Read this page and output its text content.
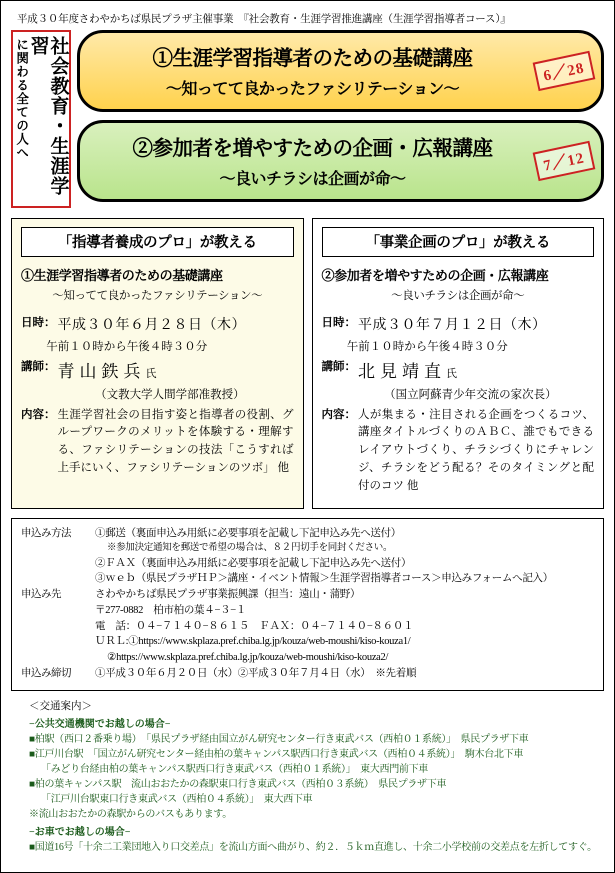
平成３０年度さわやかちば県民プラザ主催事業　『社会教育・生涯学習推進講座（生涯学習指導者コース）』
社会教育・生涯学習
に関わる全ての人へ	①生涯学習指導者のための基礎講座
〜知ってて良かったファシリテーション〜
6／28
②参加者を増やすための企画・広報講座
〜良いチラシは企画が命〜
7／12
「指導者養成のプロ」が教える
①生涯学習指導者のための基礎講座
〜知ってて良かったファシリテーション〜
日時： 平成３０年６月２８日（木）
午前１０時から午後４時３０分
講師： 青山鉄兵氏
（文教大学人間学部准教授）
内容： 生涯学習社会の目指す姿と指導者の役割、グループワークのメリットを体験する・理解する、ファシリテーションの技法「こうすれば上手にいく、ファシリテーションのツボ」 他
「事業企画のプロ」が教える
②参加者を増やすための企画・広報講座
〜良いチラシは企画が命〜
日時： 平成３０年７月１２日（木）
午前１０時から午後４時３０分
講師： 北見靖直氏
（国立阿蘇青少年交流の家次長）
内容： 人が集まる・注目される企画をつくるコツ、講座タイトルづくりのＡＢＣ、誰でもできるレイアウトづくり、チラシづくりにチャレンジ、チラシをどう配る？そのタイミングと配付のコツ 他
申込み方法	①郵送（裏面申込み用紙に必要事項を記載し下記申込み先へ送付）
※参加決定通知を郵送で希望の場合は、８２円切手を同封ください。
②ＦＡＸ（裏面申込み用紙に必要事項を記載し下記申込み先へ送付）
③ｗｅｂ（県民プラザＨＰ＞講座・イベント情報＞生涯学習指導者コース＞申込みフォームへ記入）
申込み先	さわやかちば県民プラザ事業振興課（担当：遠山・蒲野）
〒277-0882　柏市柏の葉４−３−１
電　話：０４−７１４０−８６１５　ＦＡＸ：０４−７１４０−８６０１
ＵＲＬ:①https://www.skplaza.pref.chiba.lg.jp/kouza/web-moushi/kiso-kouza1/
②https://www.skplaza.pref.chiba.lg.jp/kouza/web-moushi/kiso-kouza2/
申込み締切	①平成３０年６月２０日（水）②平成３０年７月４日（水）　※先着順
＜交通案内＞
−公共交通機関でお越しの場合−
■柏駅（西口２番乗り場）　「県民プラザ経由国立がん研究センター行き東武バス（西柏０１系統）」　県民プラザ下車
■江戸川台駅　「国立がん研究センター経由柏の葉キャンパス駅西口行き東武バス（西柏０４系統）」　駒木台北下車
「みどり台経由柏の葉キャンパス駅西口行き東武バス（西柏０１系統）」　東大西門前下車
■柏の葉キャンパス駅　流山おおたかの森駅東口行き東武バス（西柏０３系統）　県民プラザ下車
「江戸川台駅東口行き東武バス（西柏０４系統）」　東大西下車
※流山おおたかの森駅からのバスもあります。
−お車でお越しの場合−
■国道16号「十余二工業団地入り口交差点」を流山方面へ曲がり、約２．５ｋｍ直進し、十余二小学校前の交差点を左折してすぐ。
